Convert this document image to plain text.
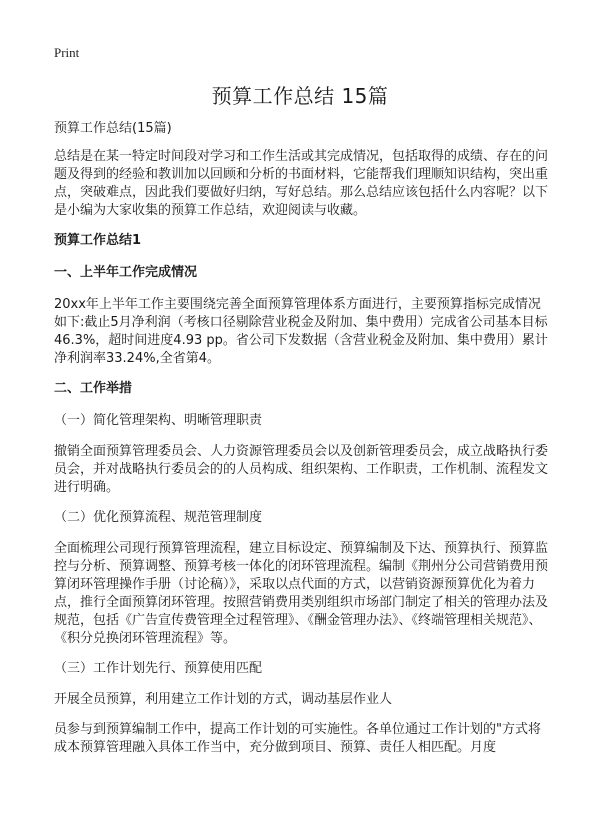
Print
预算工作总结 15篇

预算工作总结(15篇)

总结是在某一特定时间段对学习和工作生活或其完成情况，包括取得的成绩、存在的问题及得到的经验和教训加以回顾和分析的书面材料，它能帮我们理顺知识结构，突出重点，突破难点，因此我们要做好归纳，写好总结。那么总结应该包括什么内容呢？以下是小编为大家收集的预算工作总结，欢迎阅读与收藏。

预算工作总结1
一、上半年工作完成情况

20xx年上半年工作主要围绕完善全面预算管理体系方面进行，主要预算指标完成情况如下:截止5月净利润（考核口径剔除营业税金及附加、集中费用）完成省公司基本目标46.3%，超时间进度4.93 pp。省公司下发数据（含营业税金及附加、集中费用）累计净利润率33.24%,全省第4。

二、工作举措

（一）简化管理架构、明晰管理职责

撤销全面预算管理委员会、人力资源管理委员会以及创新管理委员会，成立战略执行委员会，并对战略执行委员会的的人员构成、组织架构、工作职责，工作机制、流程发文进行明确。

（二）优化预算流程、规范管理制度

全面梳理公司现行预算管理流程，建立目标设定、预算编制及下达、预算执行、预算监控与分析、预算调整、预算考核一体化的闭环管理流程。编制《荆州分公司营销费用预算闭环管理操作手册（讨论稿）》，采取以点代面的方式，以营销资源预算优化为着力点，推行全面预算闭环管理。按照营销费用类别组织市场部门制定了相关的管理办法及规范，包括《广告宣传费管理全过程管理》、《酬金管理办法》、《终端管理相关规范》、《积分兑换闭环管理流程》等。

（三）工作计划先行、预算使用匹配

开展全员预算，利用建立工作计划的方式，调动基层作业人

员参与到预算编制工作中，提高工作计划的可实施性。各单位通过工作计划的"方式将成本预算管理融入具体工作当中，充分做到项目、预算、责任人相匹配。月度
